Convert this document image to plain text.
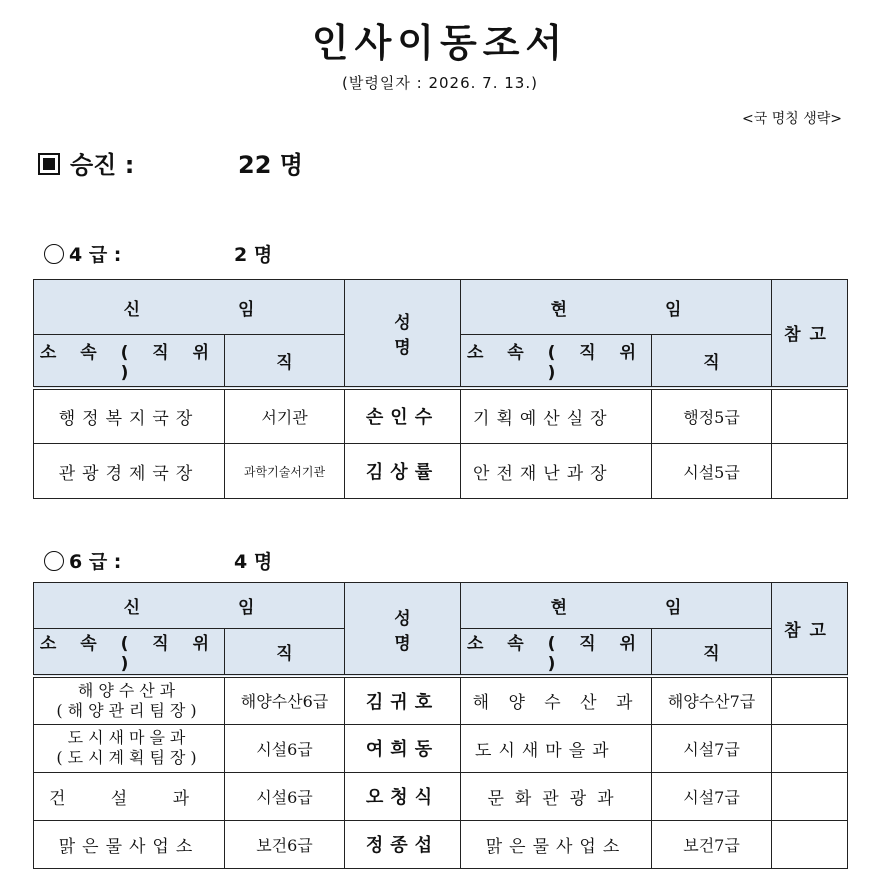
인사이동조서
(발령일자 : 2026. 7. 13.)
<국 명칭 생략>
승진 :	22 명
4 급 :	2 명
신 임		성 명	현 임		참고
소 속 ( 직 위 )	직		소 속 ( 직 위 )	직	
행정복지국장	서기관	손인수	기획예산실장	행정5급	
관광경제국장	과학기술서기관	김상률	안전재난과장	시설5급	
6 급 :	4 명
신 임		성 명	현 임		참고
소 속 ( 직 위 )	직		소 속 ( 직 위 )	직	

해양수산과
(해양관리팀장)	해양수산6급	김귀호	해 양 수 산 과	해양수산7급	

도시새마을과
(도시계획팀장)	시설6급	여희동	도시새마을과	시설7급	
건 설 과	시설6급	오청식	문화관광과	시설7급	
맑은물사업소	보건6급	정종섭	맑은물사업소	보건7급	
